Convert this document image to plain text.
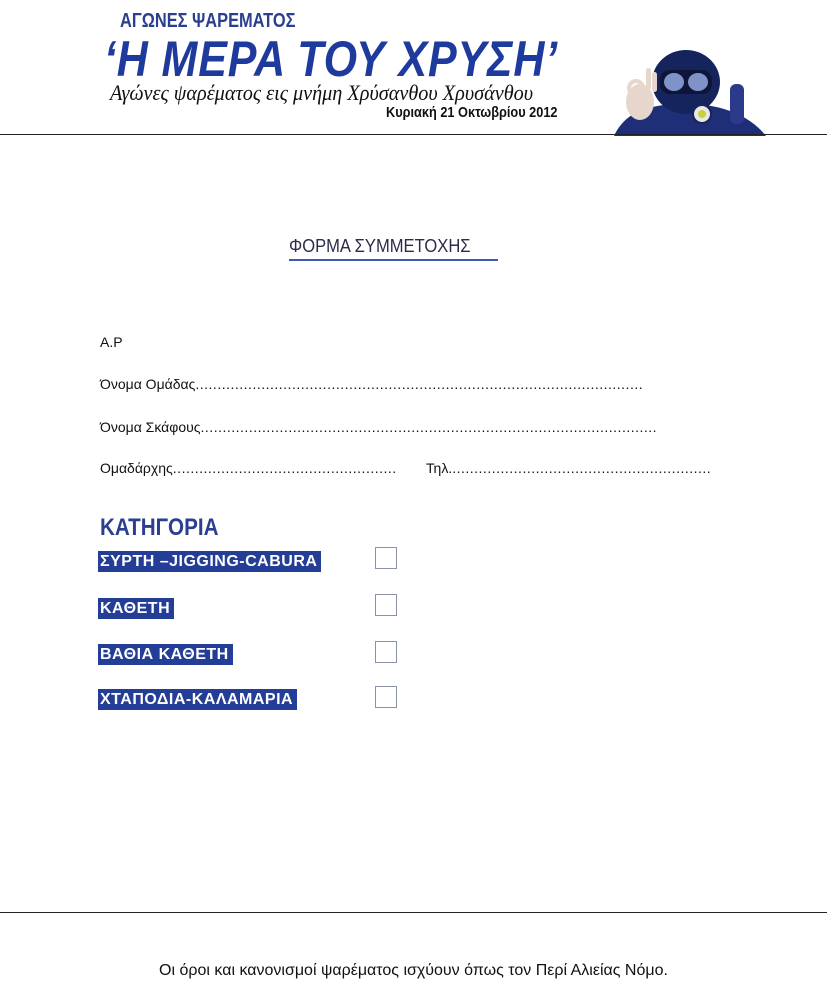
ΑΓΩΝΕΣ ΨΑΡΕΜΑΤΟΣ
‘Η ΜΕΡΑ ΤΟΥ ΧΡΥΣΗ’
Αγώνες ψαρέματος εις μνήμη Χρύσανθου Χρυσάνθου
Κυριακή 21 Οκτωβρίου 2012
ΦΟΡΜΑ ΣΥΜΜΕΤΟΧΗΣ
Α.Ρ
Όνομα Ομάδας......................................................................................................
Όνομα Σκάφους........................................................................................................
Ομαδάρχης...................................................	Τηλ............................................................
ΚΑΤΗΓΟΡΙΑ
ΣΥΡΤΗ –JIGGING-CABURA
ΚΑΘΕΤΗ
ΒΑΘΙΑ ΚΑΘΕΤΗ
ΧΤΑΠΟΔΙΑ-ΚΑΛΑΜΑΡΙΑ
Οι όροι και κανονισμοί ψαρέματος ισχύουν όπως τον Περί Αλιείας Νόμο.
